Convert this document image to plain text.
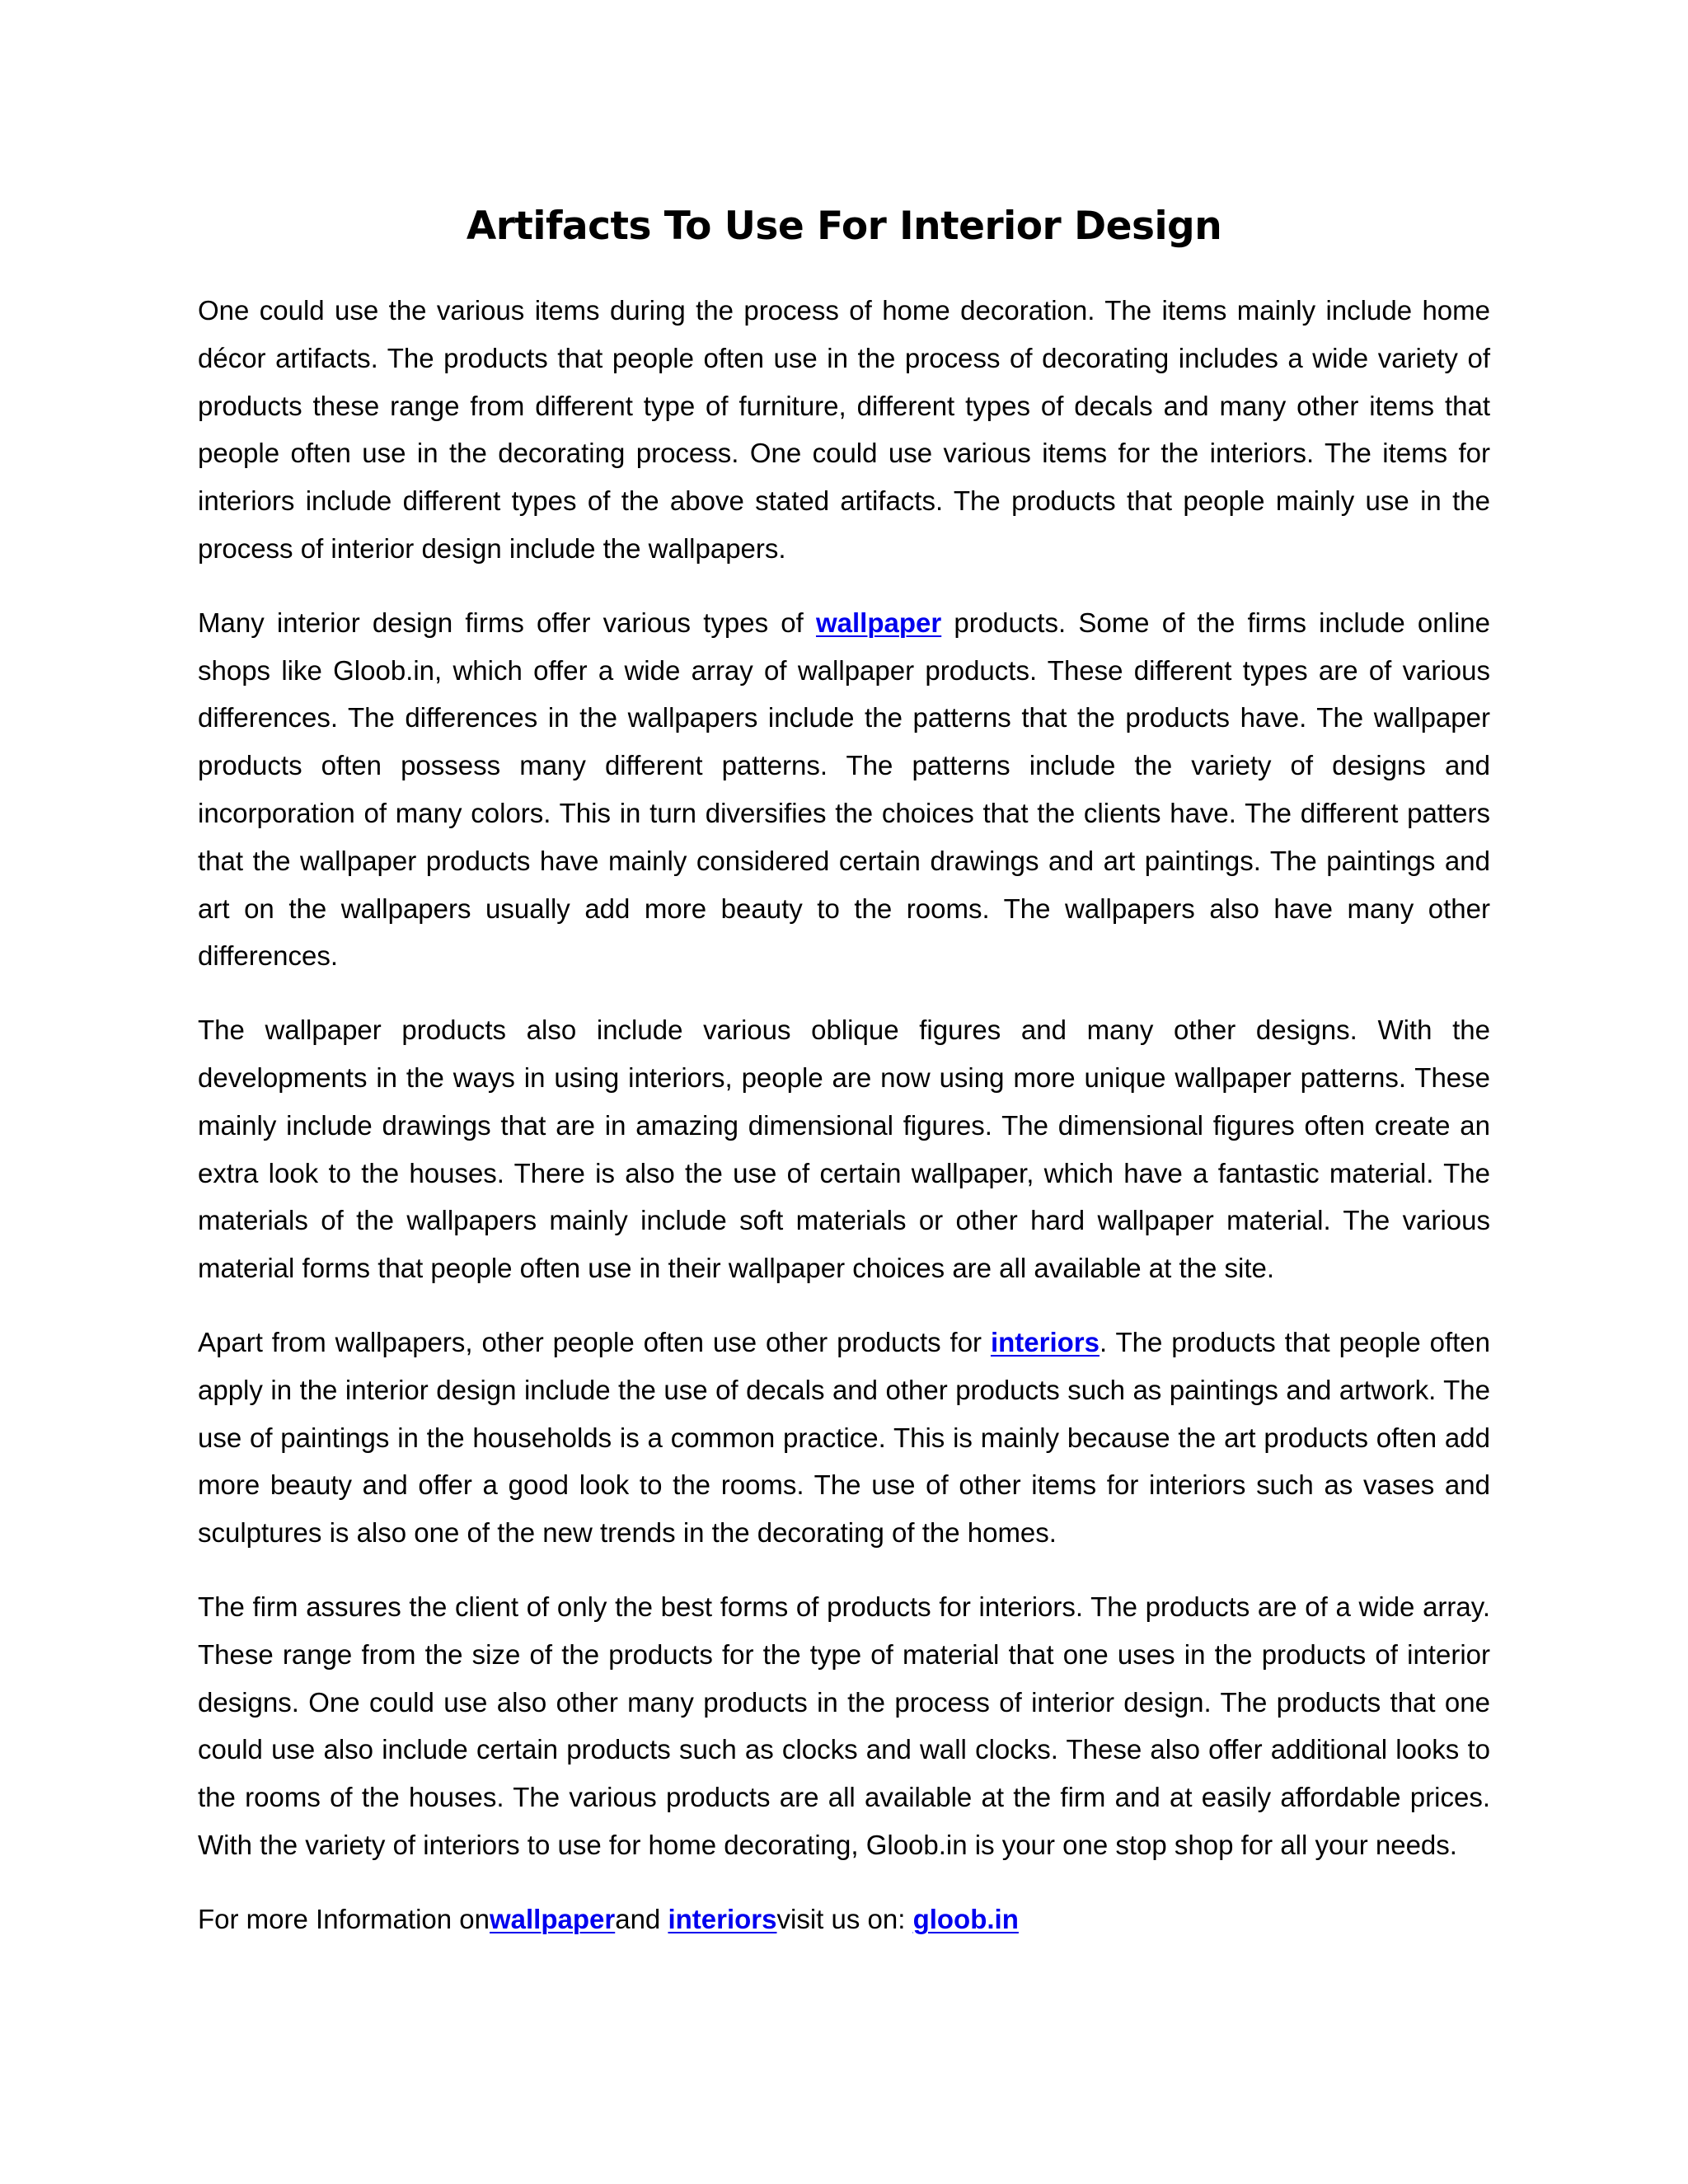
Artifacts To Use For Interior Design

One could use the various items during the process of home decoration. The items mainly include home décor artifacts. The products that people often use in the process of decorating includes a wide variety of products these range from different type of furniture, different types of decals and many other items that people often use in the decorating process. One could use various items for the interiors. The items for interiors include different types of the above stated artifacts. The products that people mainly use in the process of interior design include the wallpapers.

Many interior design firms offer various types of wallpaper products. Some of the firms include online shops like Gloob.in, which offer a wide array of wallpaper products. These different types are of various differences. The differences in the wallpapers include the patterns that the products have. The wallpaper products often possess many different patterns. The patterns include the variety of designs and incorporation of many colors. This in turn diversifies the choices that the clients have. The different patters that the wallpaper products have mainly considered certain drawings and art paintings. The paintings and art on the wallpapers usually add more beauty to the rooms. The wallpapers also have many other differences.

The wallpaper products also include various oblique figures and many other designs. With the developments in the ways in using interiors, people are now using more unique wallpaper patterns. These mainly include drawings that are in amazing dimensional figures. The dimensional figures often create an extra look to the houses. There is also the use of certain wallpaper, which have a fantastic material. The materials of the wallpapers mainly include soft materials or other hard wallpaper material. The various material forms that people often use in their wallpaper choices are all available at the site.

Apart from wallpapers, other people often use other products for interiors. The products that people often apply in the interior design include the use of decals and other products such as paintings and artwork. The use of paintings in the households is a common practice. This is mainly because the art products often add more beauty and offer a good look to the rooms. The use of other items for interiors such as vases and sculptures is also one of the new trends in the decorating of the homes.

The firm assures the client of only the best forms of products for interiors. The products are of a wide array. These range from the size of the products for the type of material that one uses in the products of interior designs. One could use also other many products in the process of interior design. The products that one could use also include certain products such as clocks and wall clocks. These also offer additional looks to the rooms of the houses. The various products are all available at the firm and at easily affordable prices. With the variety of interiors to use for home decorating, Gloob.in is your one stop shop for all your needs.

For more Information onwallpaperand interiorsvisit us on: gloob.in
